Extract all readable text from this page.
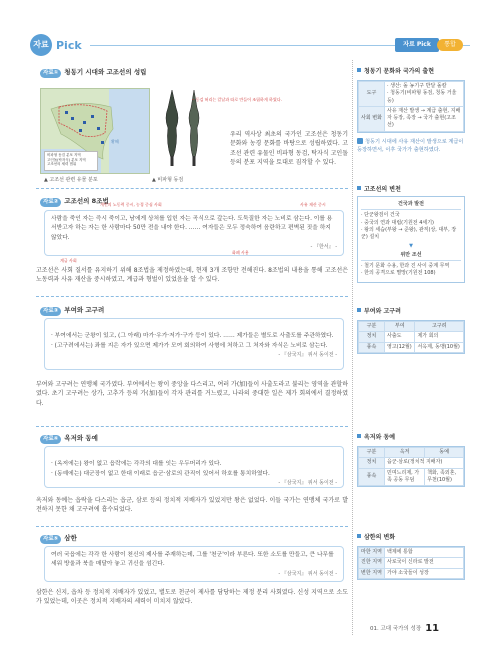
자료 Pick	자료 Pick	통합
자료① 청동기 시대와 고조선의 성립
비파형 동검 분포 지역
고인돌(탁자식) 분포 지역
고조선의 세력 범위
황해
▲ 고조선 관련 유물 분포
─ 동검 허리는 칼날과 따로 만들어 조립하게 하였다.
▲ 비파형 동검
우리 역사상 최초의 국가인 고조선은 청동기 문화와 농경 문화를 바탕으로 성립하였다. 고조선 관련 유물인 비파형 동검, 탁자식 고인돌 등의 분포 지역을 토대로 짐작할 수 있다.
자료② 고조선의 8조법
개인의 노동력 중시, 농경 중심 사회	사유 재산 중시
사람을 죽인 자는 즉시 죽이고, 남에게 상처를 입힌 자는 곡식으로 갚는다. 도둑질한 자는 노비로 삼는다. 이를 용서받고자 하는 자는 한 사람마다 50만 전을 내야 한다. …… 여자들은 모두 정숙하여 음란하고 편벽된 짓을 하지 않았다.
- 『한서』 -
계급 사회
화폐 사용
고조선은 사회 질서를 유지하기 위해 8조법을 제정하였는데, 현재 3개 조항만 전해진다. 8조법의 내용을 통해 고조선은 노동력과 사유 재산을 중시하였고, 계급과 형벌이 있었음을 알 수 있다.
자료③ 부여와 고구려

· 부여에서는 군왕이 있고, (그 아래) 마가·우가·저가·구가 등이 있다. …… 제가들은 별도로 사출도를 주관하였다.
· (고구려에서는) 좌를 지은 자가 있으면 제가가 모여 회의하여 사형에 처하고 그 처자와 자식은 노비로 삼는다.

- 『삼국지』 위서 동이전 -

부여와 고구려는 연맹체 국가였다. 부여에서는 왕이 중앙을 다스리고, 여러 가(加)들이 사출도라고 불리는 영역을 관할하였다. 초기 고구려는 상가, 고추가 등의 가(加)들이 각자 관리를 거느렸고, 나라의 중대한 일은 제가 회의에서 결정하였다.
자료④ 옥저와 동예

· (옥저에는) 왕이 없고 읍락에는 각각의 대를 잇는 우두머리가 있다.
· (동예에는) 대군장이 없고 한대 이래로 읍군·삼로의 관직이 있어서 하호를 통치하였다.

- 『삼국지』 위서 동이전 -

옥저와 동예는 읍락을 다스리는 읍군, 삼로 등의 정치적 지배자가 있었지만 왕은 없었다. 이들 국가는 연맹체 국가로 발전하지 못한 채 고구려에 흡수되었다.
자료⑤ 삼한
여러 국읍에는 각각 한 사람이 천신의 제사를 주재하는데, 그를 '천군'이라 부른다. 또한 소도를 만들고, 큰 나무를 세워 방울과 북을 매달아 놓고 귀신을 섬긴다.
- 『삼국지』 위서 동이전 -
삼한은 신지, 읍차 등 정치적 지배자가 있었고, 별도로 천군이 제사를 담당하는 제정 분리 사회였다. 신성 지역으로 소도가 있었는데, 이곳은 정치적 지배자의 세력이 미치지 않았다.
청동기 문화와 국가의 출현
도구	· 생산: 돌 농기구 반달 돌칼
· 청동기(비파형 동검, 청동 거울 등)
사회 변화	사유 재산 발생 → 계급 출현, 지배자 등장, 족장 → 국가 출현(고조선)
청동기 시대에 사유 재산이 발생으로 계급이 등장하면서, 이후 국가가 출현하였다.
고조선의 변천
건국과 발전
· 단군왕검이 건국
· 중국의 연과 대립(기원전 4세기)
· 왕의 세습(부왕 → 준왕), 관직(상, 대부, 장군) 설치
▼
위만 조선
· 철기 문화 수용, 한과 진 사이 중계 무역
· 한의 공격으로 멸망(기원전 108)
부여와 고구려
구분	부여	고구려
정치	사출도	제가 회의
풍속	영고(12월)	서옥제, 동맹(10월)
옥저와 동예
구분	옥저	동예
정치	읍군·삼로(정치적 지배자)	
풍속	민며느리제, 가족 공동 무덤	책화, 족외혼, 무천(10월)
삼한의 변화
마한 지역	백제에 통합
진한 지역	사로국이 신라로 발전
변한 지역	가야 소국들이 성장
01. 고대 국가의 성장 11
